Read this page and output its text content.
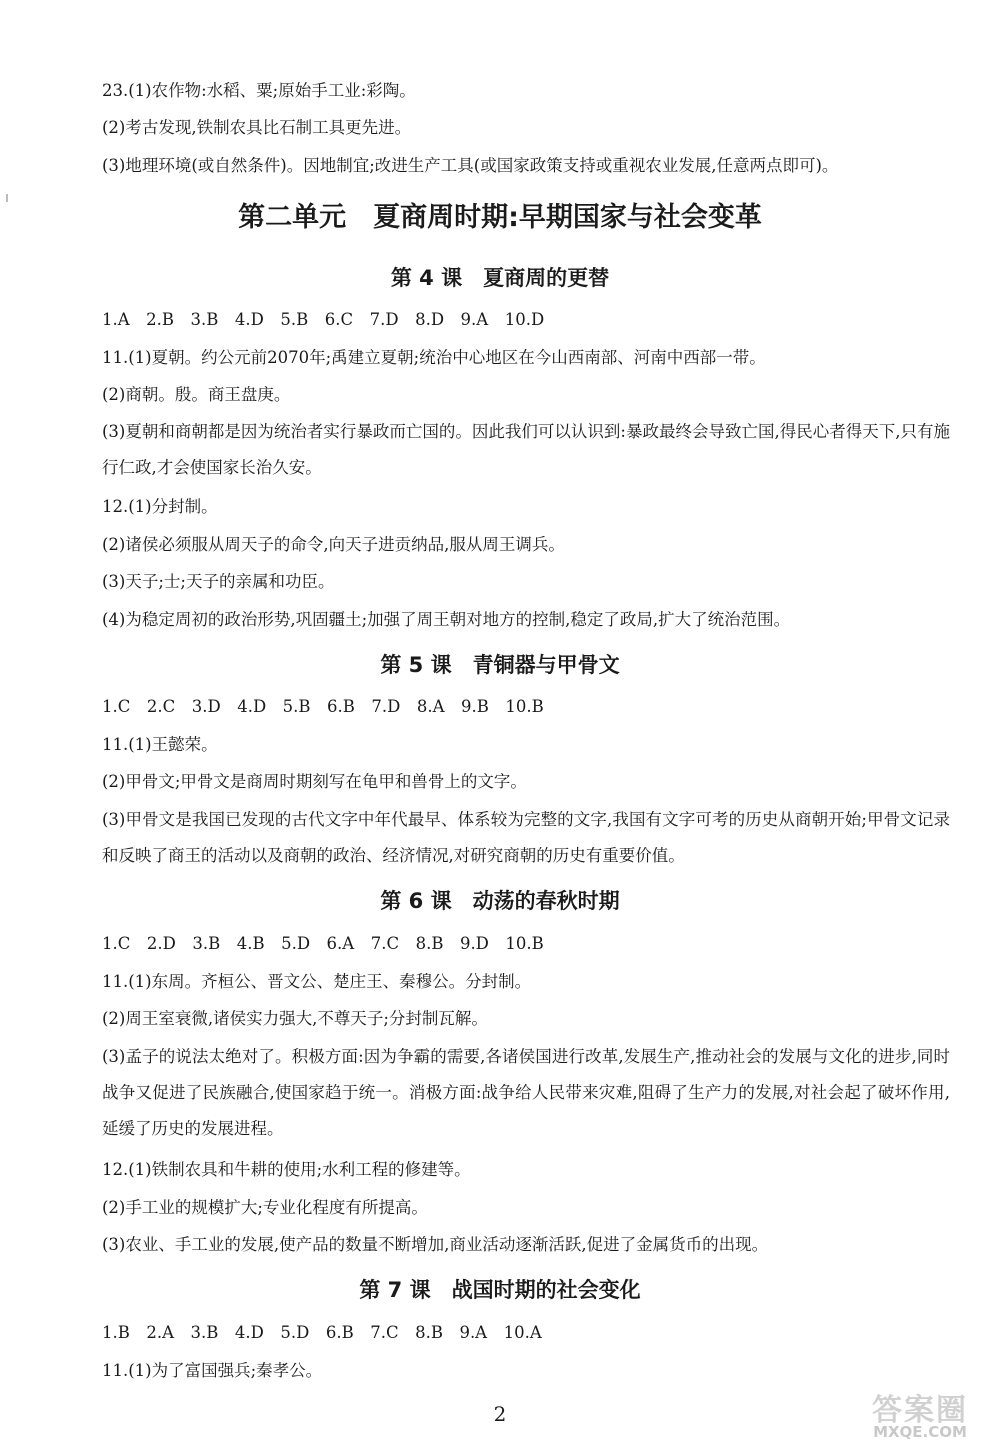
23.(1)农作物:水稻、粟;原始手工业:彩陶。
(2)考古发现,铁制农具比石制工具更先进。
(3)地理环境(或自然条件)。因地制宜;改进生产工具(或国家政策支持或重视农业发展,任意两点即可)。
第二单元　夏商周时期:早期国家与社会变革
第 4 课　夏商周的更替
1.A　2.B　3.B　4.D　5.B　6.C　7.D　8.D　9.A　10.D
11.(1)夏朝。约公元前2070年;禹建立夏朝;统治中心地区在今山西南部、河南中西部一带。
(2)商朝。殷。商王盘庚。
(3)夏朝和商朝都是因为统治者实行暴政而亡国的。因此我们可以认识到:暴政最终会导致亡国,得民心者得天下,只有施行仁政,才会使国家长治久安。
12.(1)分封制。
(2)诸侯必须服从周天子的命令,向天子进贡纳品,服从周王调兵。
(3)天子;士;天子的亲属和功臣。
(4)为稳定周初的政治形势,巩固疆土;加强了周王朝对地方的控制,稳定了政局,扩大了统治范围。
第 5 课　青铜器与甲骨文
1.C　2.C　3.D　4.D　5.B　6.B　7.D　8.A　9.B　10.B
11.(1)王懿荣。
(2)甲骨文;甲骨文是商周时期刻写在龟甲和兽骨上的文字。
(3)甲骨文是我国已发现的古代文字中年代最早、体系较为完整的文字,我国有文字可考的历史从商朝开始;甲骨文记录和反映了商王的活动以及商朝的政治、经济情况,对研究商朝的历史有重要价值。
第 6 课　动荡的春秋时期
1.C　2.D　3.B　4.B　5.D　6.A　7.C　8.B　9.D　10.B
11.(1)东周。齐桓公、晋文公、楚庄王、秦穆公。分封制。
(2)周王室衰微,诸侯实力强大,不尊天子;分封制瓦解。
(3)孟子的说法太绝对了。积极方面:因为争霸的需要,各诸侯国进行改革,发展生产,推动社会的发展与文化的进步,同时战争又促进了民族融合,使国家趋于统一。消极方面:战争给人民带来灾难,阻碍了生产力的发展,对社会起了破坏作用,延缓了历史的发展进程。
12.(1)铁制农具和牛耕的使用;水利工程的修建等。
(2)手工业的规模扩大;专业化程度有所提高。
(3)农业、手工业的发展,使产品的数量不断增加,商业活动逐渐活跃,促进了金属货币的出现。
第 7 课　战国时期的社会变化
1.B　2.A　3.B　4.D　5.D　6.B　7.C　8.B　9.A　10.A
11.(1)为了富国强兵;秦孝公。
2	答案圈
MXQE.COM
